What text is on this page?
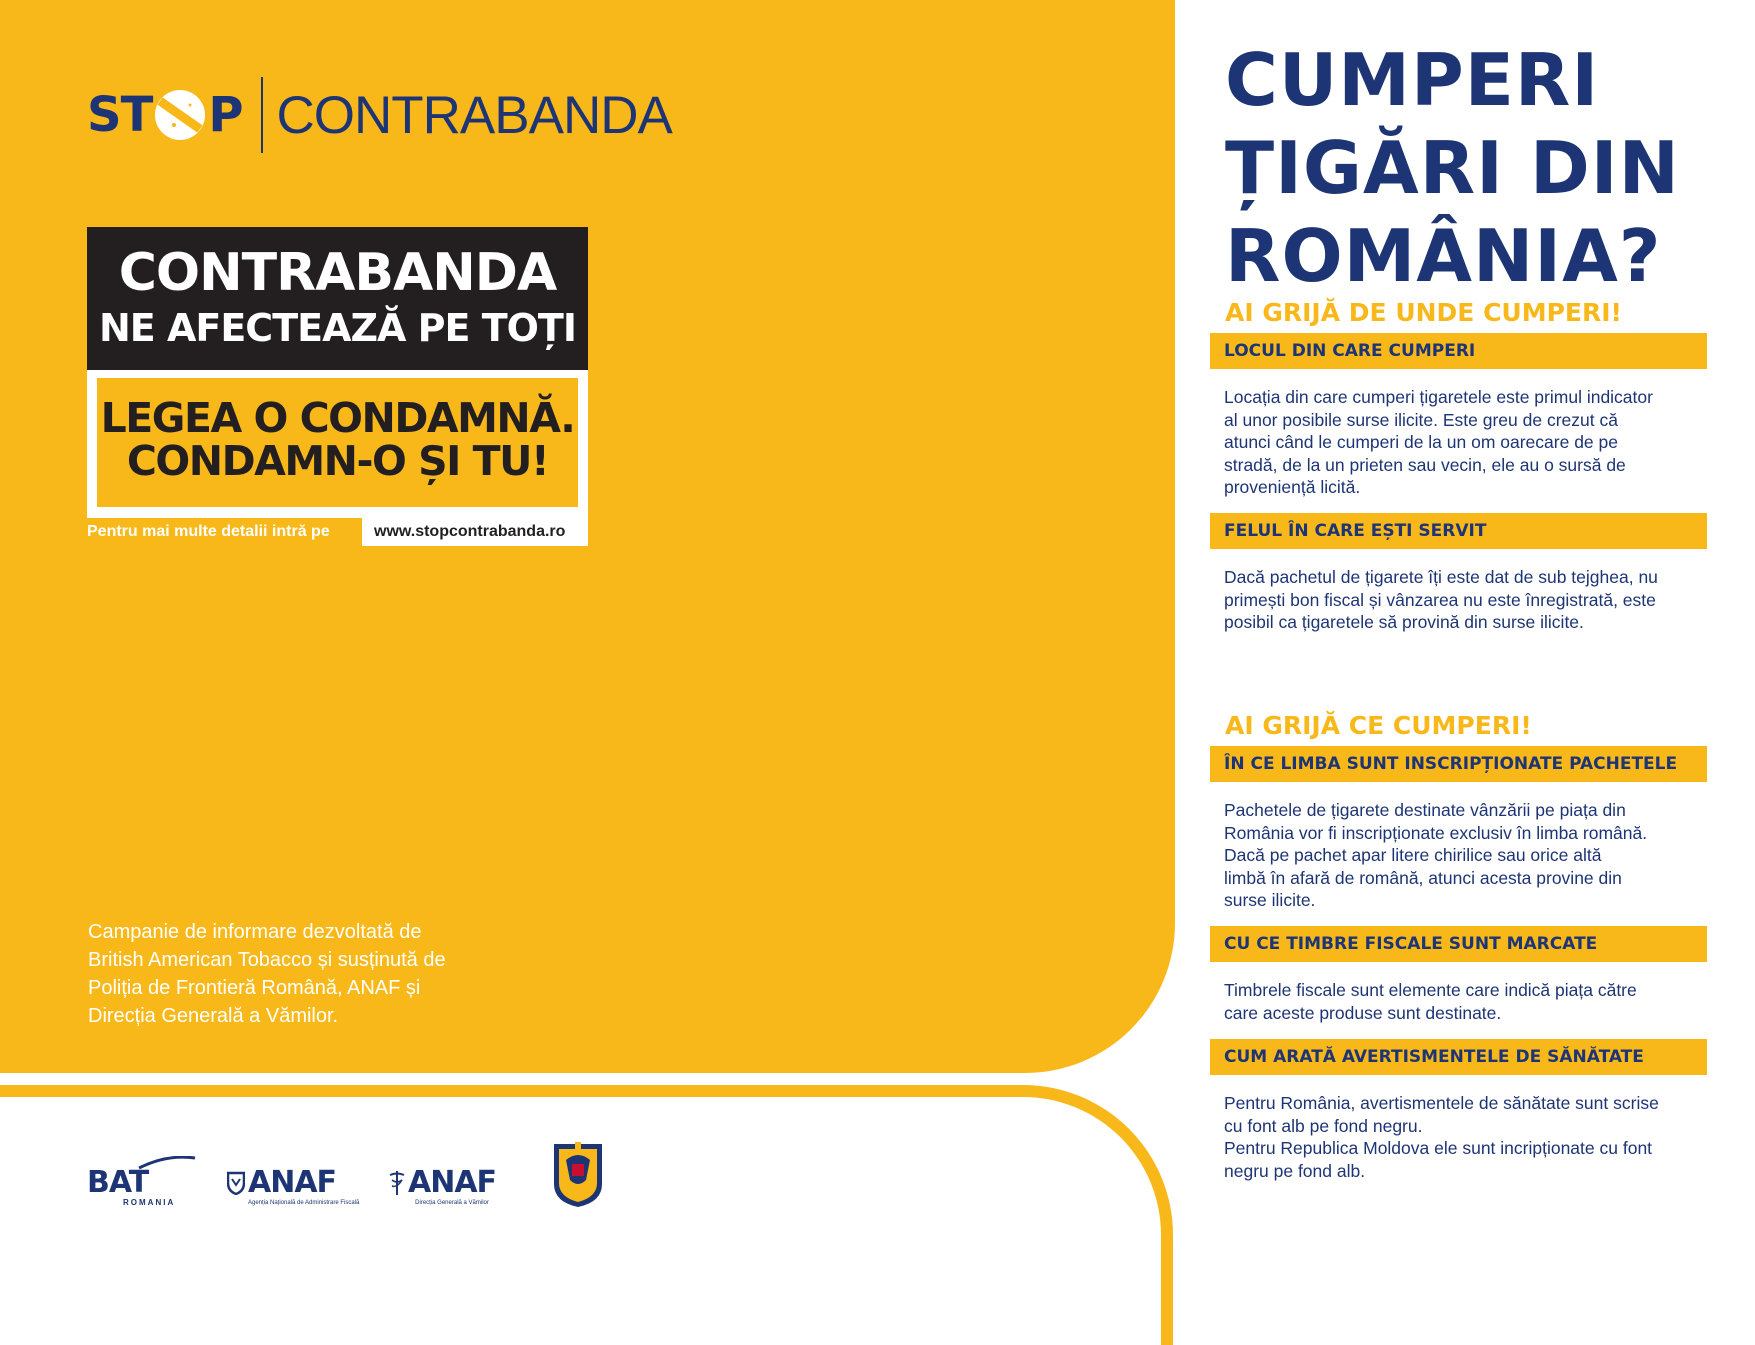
ST P CONTRABANDA
CONTRABANDA
NE AFECTEAZĂ PE TOȚI
LEGEA O CONDAMNĂ.
CONDAMN-O ȘI TU!
Pentru mai multe detalii intră pe	www.stopcontrabanda.ro
Campanie de informare dezvoltată de
British American Tobacco și susținută de
Poliția de Frontieră Română, ANAF și
Direcția Generală a Vămilor.
BAT
ROMANIA
ANAF
Agenția Națională de Administrare Fiscală
ANAF
Direcția Generală a Vămilor
CUMPERI
ȚIGĂRI DIN
ROMÂNIA?
AI GRIJĂ DE UNDE CUMPERI!
LOCUL DIN CARE CUMPERI
Locația din care cumperi țigaretele este primul indicator
al unor posibile surse ilicite. Este greu de crezut că
atunci când le cumperi de la un om oarecare de pe
stradă, de la un prieten sau vecin, ele au o sursă de
proveniență licită.
FELUL ÎN CARE EȘTI SERVIT
Dacă pachetul de țigarete îți este dat de sub tejghea, nu
primești bon fiscal și vânzarea nu este înregistrată, este
posibil ca țigaretele să provină din surse ilicite.
AI GRIJĂ CE CUMPERI!
ÎN CE LIMBA SUNT INSCRIPȚIONATE PACHETELE
Pachetele de țigarete destinate vânzării pe piața din
România vor fi inscripționate exclusiv în limba română.
Dacă pe pachet apar litere chirilice sau orice altă
limbă în afară de română, atunci acesta provine din
surse ilicite.
CU CE TIMBRE FISCALE SUNT MARCATE
Timbrele fiscale sunt elemente care indică piața către
care aceste produse sunt destinate.
CUM ARATĂ AVERTISMENTELE DE SĂNĂTATE
Pentru România, avertismentele de sănătate sunt scrise
cu font alb pe fond negru.
Pentru Republica Moldova ele sunt incripționate cu font
negru pe fond alb.
